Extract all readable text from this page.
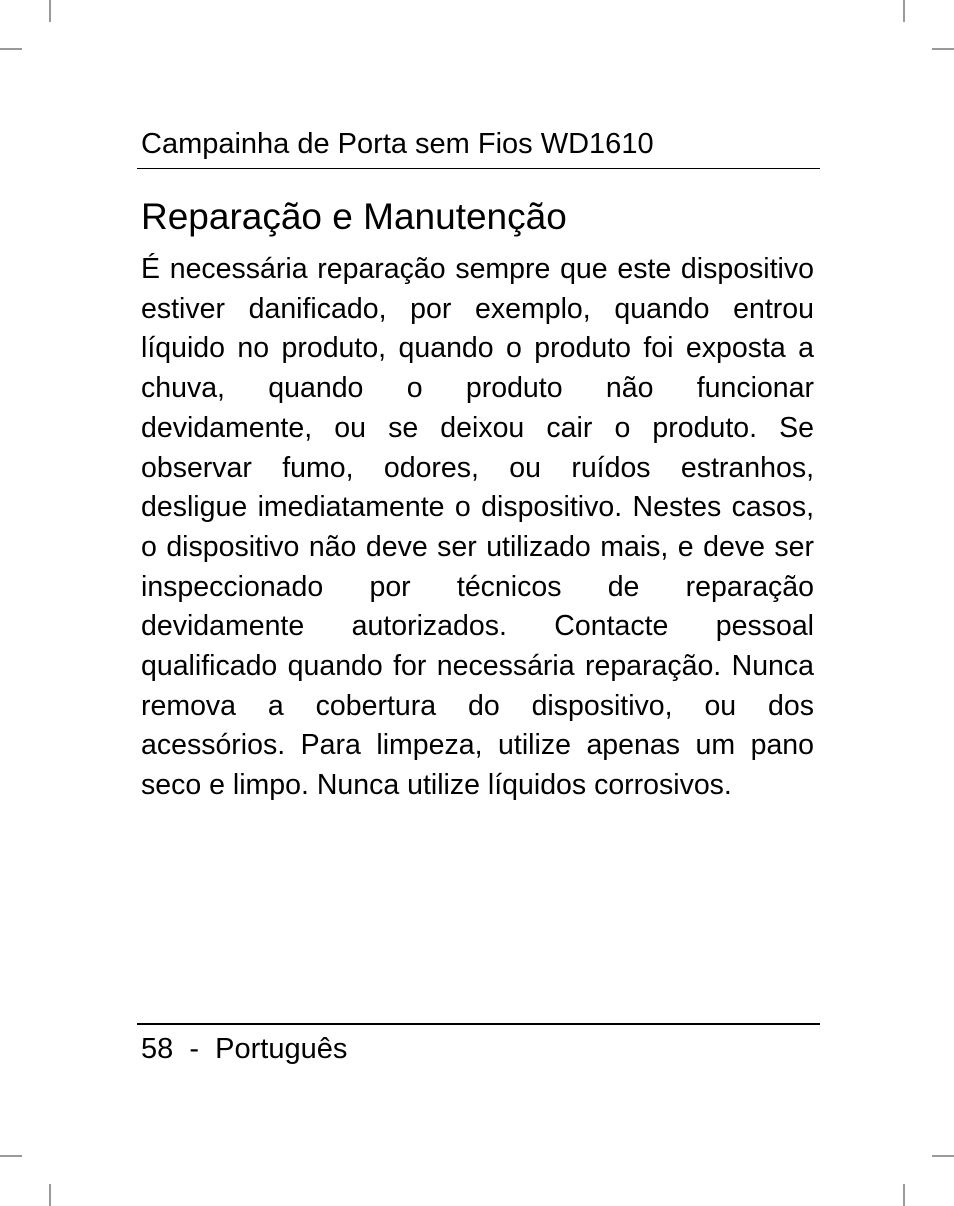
Campainha de Porta sem Fios WD1610
Reparação e Manutenção

É necessária reparação sempre que este dispositivo estiver danificado, por exemplo, quando entrou líquido no produto, quando o produto foi exposta a chuva, quando o produto não funcionar devidamente, ou se deixou cair o produto. Se observar fumo, odores, ou ruídos estranhos, desligue imediatamente o dispositivo. Nestes casos, o dispositivo não deve ser utilizado mais, e deve ser inspeccionado por técnicos de reparação devidamente autorizados. Contacte pessoal qualificado quando for necessária reparação. Nunca remova a cobertura do dispositivo, ou dos acessórios. Para limpeza, utilize apenas um pano seco e limpo. Nunca utilize líquidos corrosivos.

58  -  Português
